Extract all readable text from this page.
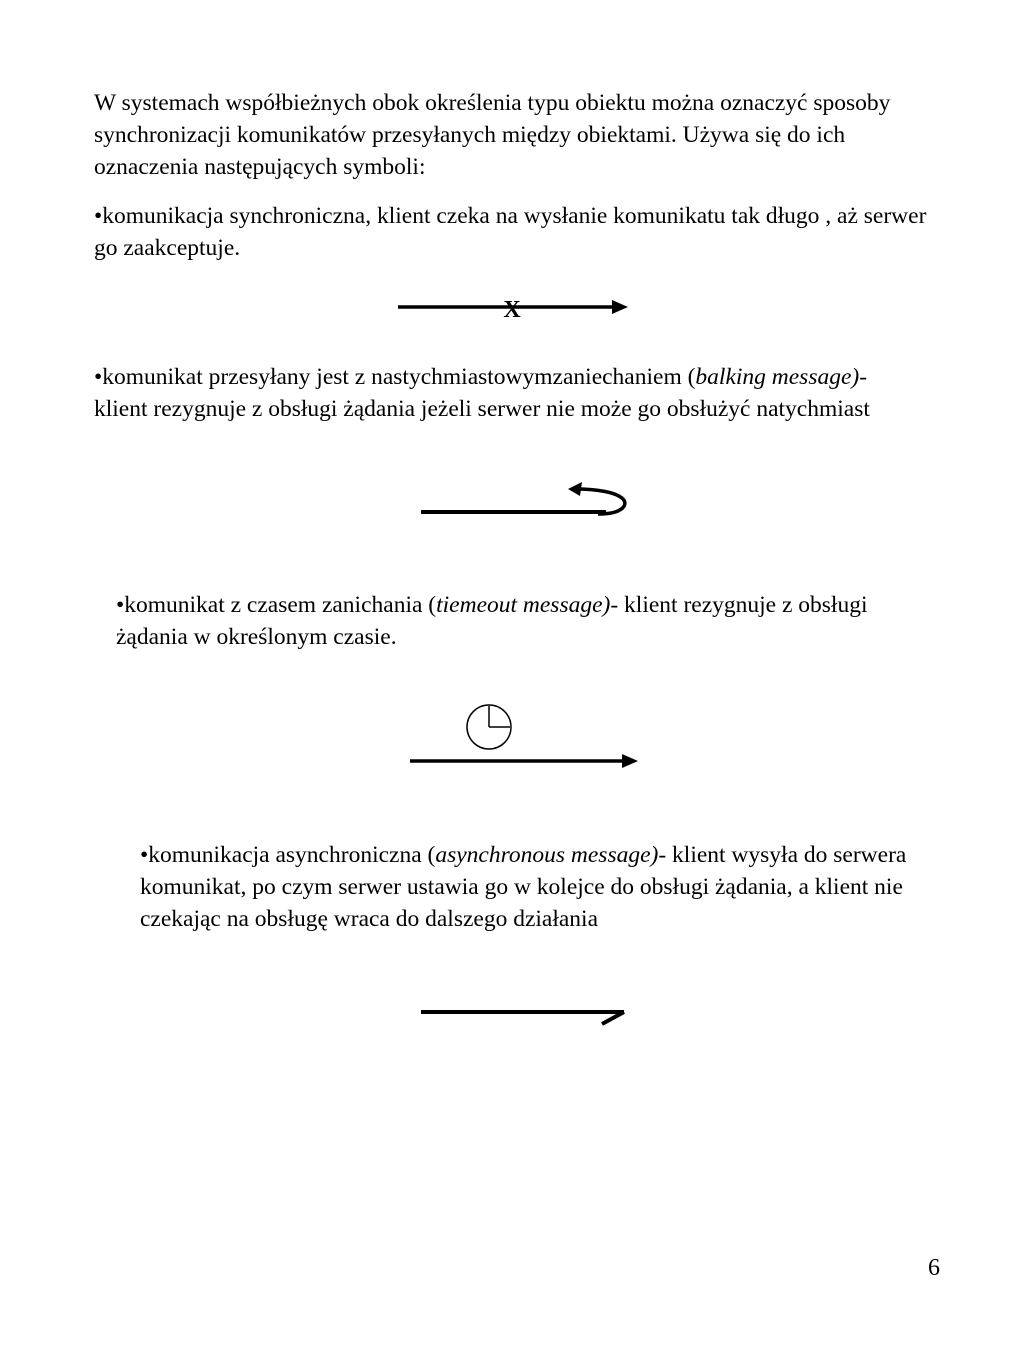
W systemach współbieżnych obok określenia typu obiektu można oznaczyć sposoby synchronizacji komunikatów przesyłanych między obiektami. Używa się do ich oznaczenia następujących symboli:

•komunikacja synchroniczna, klient czeka na wysłanie komunikatu tak długo , aż serwer go zaakceptuje.

X

•komunikat przesyłany jest z nastychmiastowymzaniechaniem (balking message)- klient rezygnuje z obsługi żądania jeżeli serwer nie może go obsłużyć natychmiast

•komunikat z czasem zanichania (tiemeout message)- klient rezygnuje z obsługi żądania w określonym czasie.

•komunikacja asynchroniczna (asynchronous message)- klient wysyła do serwera komunikat, po czym serwer ustawia go w kolejce do obsługi żądania, a klient nie czekając na obsługę wraca do dalszego działania

6
